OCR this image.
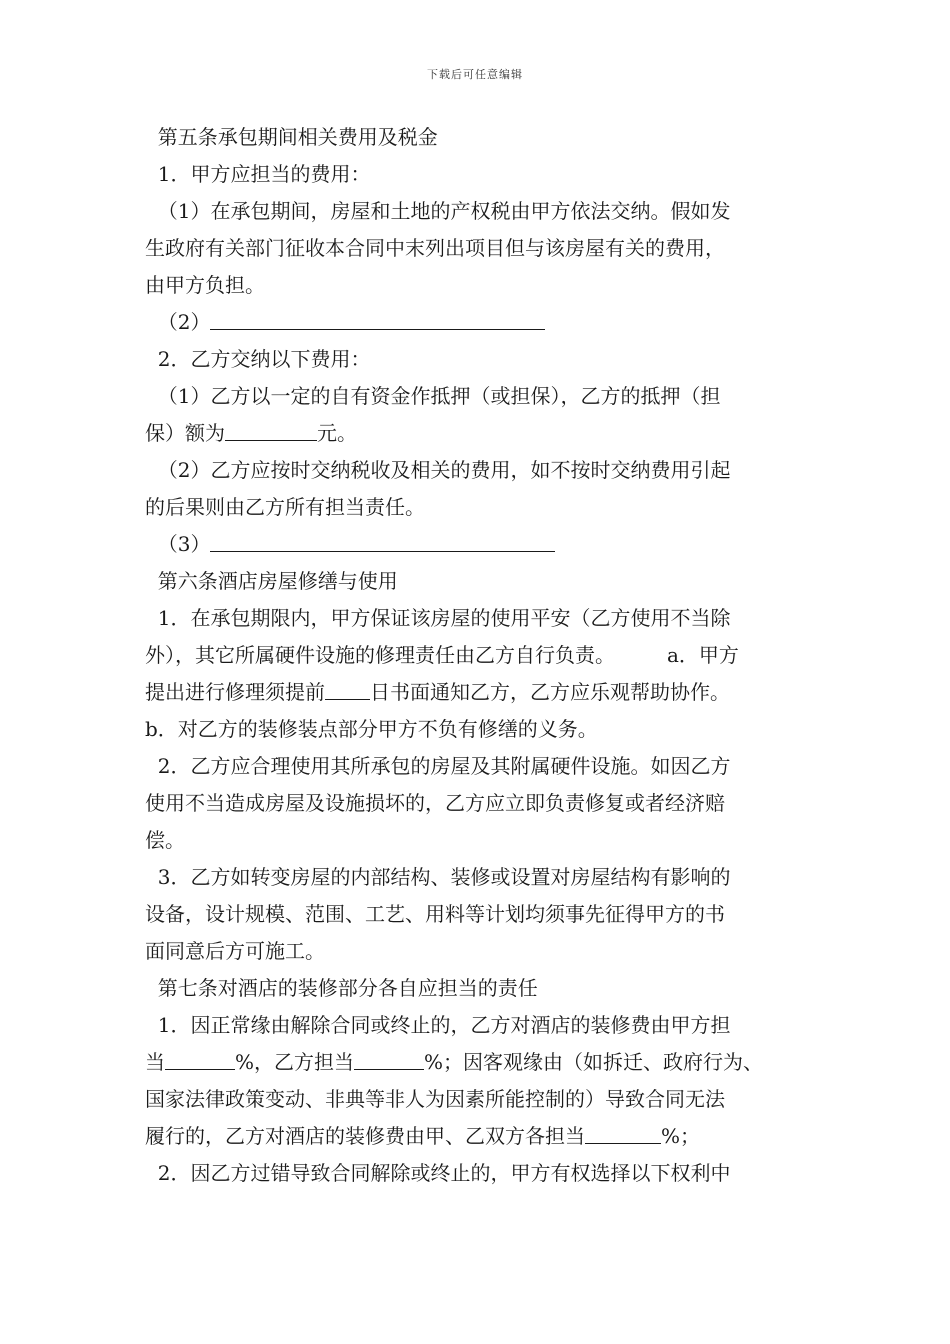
下载后可任意编辑
第五条承包期间相关费用及税金
1．甲方应担当的费用：
（1）在承包期间，房屋和土地的产权税由甲方依法交纳。假如发
生政府有关部门征收本合同中末列出项目但与该房屋有关的费用，
由甲方负担。
（2）
2．乙方交纳以下费用：
（1）乙方以一定的自有资金作抵押（或担保），乙方的抵押（担
保）额为	元。
（2）乙方应按时交纳税收及相关的费用，如不按时交纳费用引起
的后果则由乙方所有担当责任。
（3）
第六条酒店房屋修缮与使用
1．在承包期限内，甲方保证该房屋的使用平安（乙方使用不当除
外），其它所属硬件设施的修理责任由乙方自行负责。	a．甲方
提出进行修理须提前 日书面通知乙方，乙方应乐观帮助协作。
b．对乙方的装修装点部分甲方不负有修缮的义务。
2．乙方应合理使用其所承包的房屋及其附属硬件设施。如因乙方
使用不当造成房屋及设施损坏的，乙方应立即负责修复或者经济赔
偿。
3．乙方如转变房屋的内部结构、装修或设置对房屋结构有影响的
设备，设计规模、范围、工艺、用料等计划均须事先征得甲方的书
面同意后方可施工。
第七条对酒店的装修部分各自应担当的责任
1．因正常缘由解除合同或终止的，乙方对酒店的装修费由甲方担
当	%，乙方担当	%；因客观缘由（如拆迁、政府行为、
国家法律政策变动、非典等非人为因素所能控制的）导致合同无法
履行的，乙方对酒店的装修费由甲、乙双方各担当	%；
2．因乙方过错导致合同解除或终止的，甲方有权选择以下权利中
